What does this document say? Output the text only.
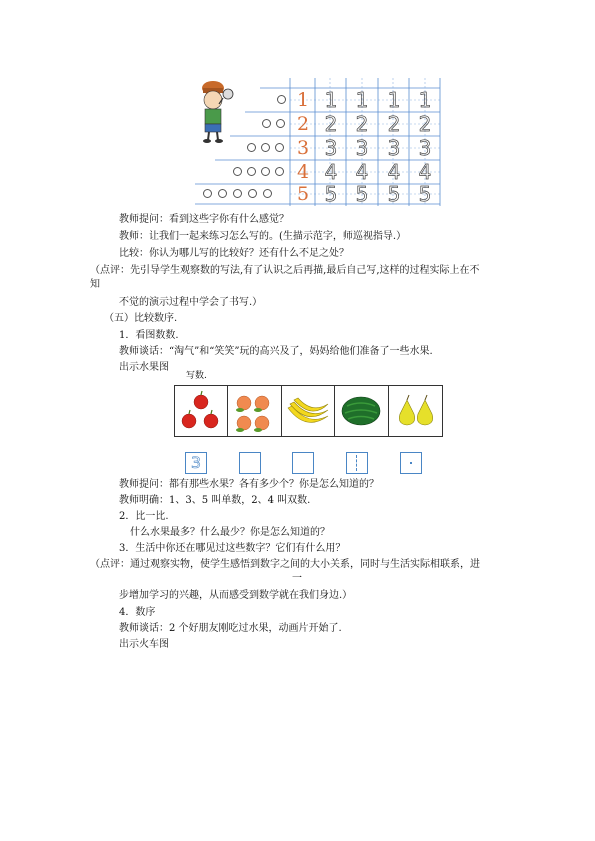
1
2
3
4
5
1 1 1 1
2 2 2 2
3 3 3 3
4 4 4 4
5 5 5 5
教师提问：看到这些字你有什么感觉？
教师：让我们一起来练习怎么写的。(生描示范字，师巡视指导.）
比较：你认为哪儿写的比较好？还有什么不足之处？
（点评：先引导学生观察数的写法,有了认识之后再描,最后自己写,这样的过程实际上在不
知
不觉的演示过程中学会了书写.）
（五）比较数序.
1．看图数数.
教师谈话：“淘气”和“笑笑”玩的高兴及了，妈妈给他们准备了一些水果.
出示水果图
写数.
3
教师提问：都有那些水果？各有多少个？你是怎么知道的？
教师明确：1、3、5 叫单数，2、4 叫双数.
2．比一比.
什么水果最多？什么最少？你是怎么知道的？
3．生活中你还在哪见过这些数字？它们有什么用？
（点评：通过观察实物，使学生感悟到数字之间的大小关系，同时与生活实际相联系，进
一
步增加学习的兴趣，从而感受到数学就在我们身边.）
4．数序
教师谈话：2 个好朋友刚吃过水果，动画片开始了.
出示火车图
